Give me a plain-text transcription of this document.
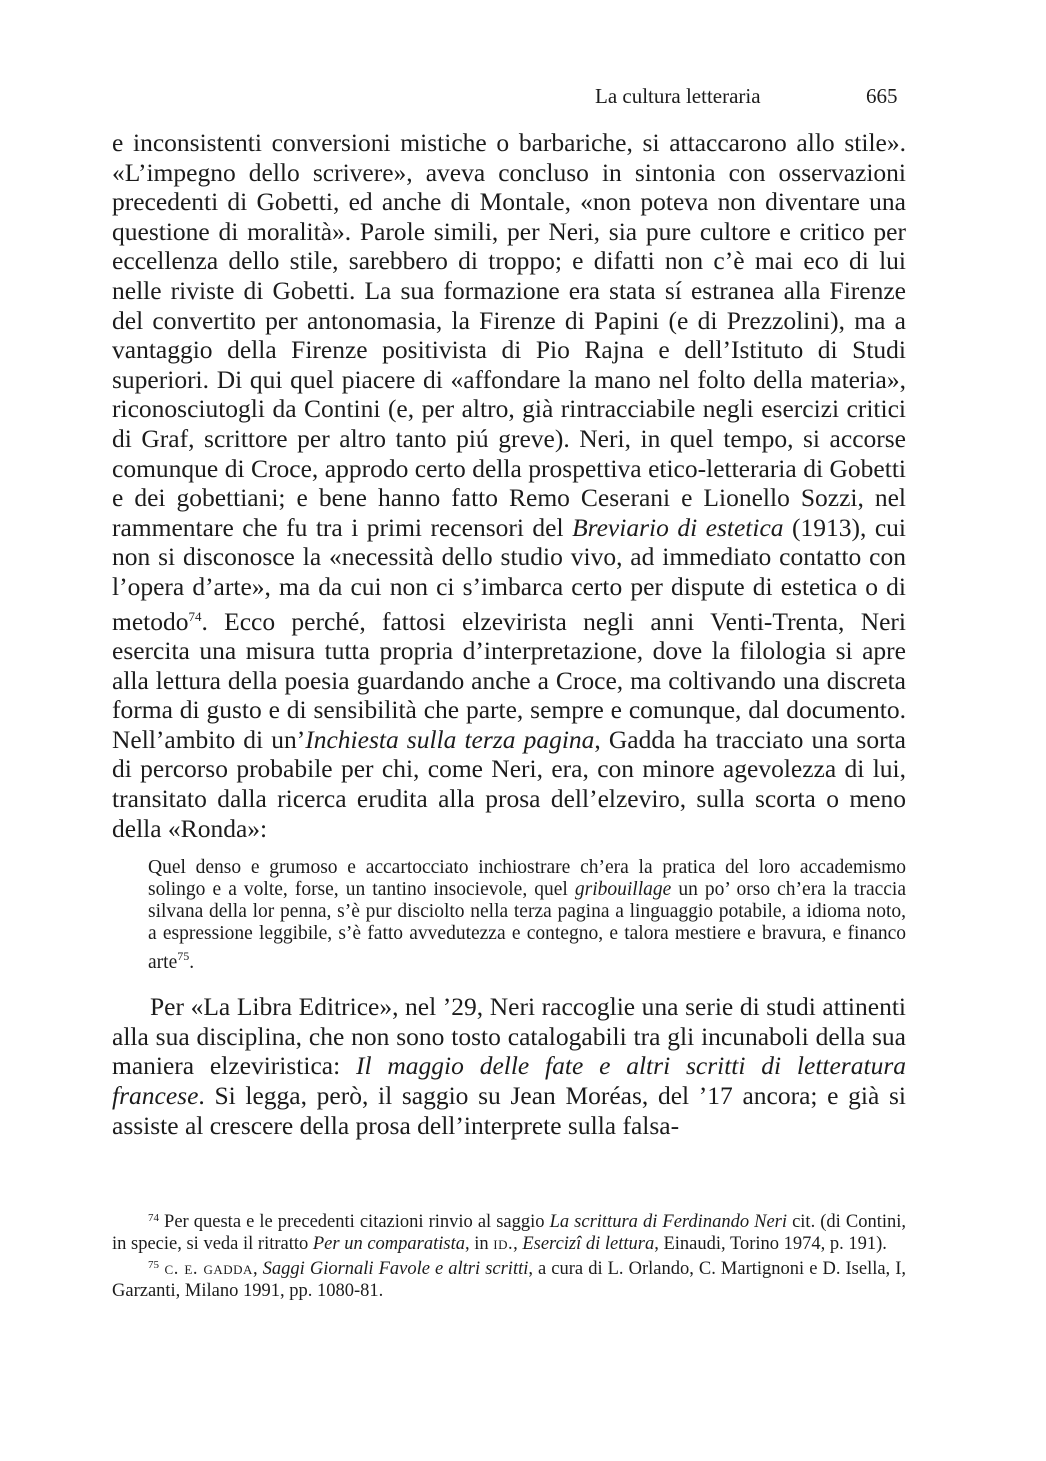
La cultura letteraria	665

e inconsistenti conversioni mistiche o barbariche, si attaccarono allo stile». «L’impegno dello scrivere», aveva concluso in sintonia con osservazioni precedenti di Gobetti, ed anche di Montale, «non poteva non diventare una questione di moralità». Parole simili, per Neri, sia pure cultore e critico per eccellenza dello stile, sarebbero di troppo; e difatti non c’è mai eco di lui nelle riviste di Gobetti. La sua formazione era stata sí estranea alla Firenze del convertito per antonomasia, la Firenze di Papini (e di Prezzolini), ma a vantaggio della Firenze positivista di Pio Rajna e dell’Istituto di Studi superiori. Di qui quel piacere di «affondare la mano nel folto della materia», riconosciutogli da Contini (e, per altro, già rintracciabile negli esercizi critici di Graf, scrittore per altro tanto piú greve). Neri, in quel tempo, si accorse comunque di Croce, approdo certo della prospettiva etico-letteraria di Gobetti e dei gobettiani; e bene hanno fatto Remo Ceserani e Lionello Sozzi, nel rammentare che fu tra i primi recensori del Breviario di estetica (1913), cui non si disconosce la «necessità dello studio vivo, ad immediato contatto con l’opera d’arte», ma da cui non ci s’imbarca certo per dispute di estetica o di metodo$^{74}$. Ecco perché, fattosi elzevirista negli anni Venti-Trenta, Neri esercita una misura tutta propria d’interpretazione, dove la filologia si apre alla lettura della poesia guardando anche a Croce, ma coltivando una discreta forma di gusto e di sensibilità che parte, sempre e comunque, dal documento. Nell’ambito di un’Inchiesta sulla terza pagina, Gadda ha tracciato una sorta di percorso probabile per chi, come Neri, era, con minore agevolezza di lui, transitato dalla ricerca erudita alla prosa dell’elzeviro, sulla scorta o meno della «Ronda»:

Quel denso e grumoso e accartocciato inchiostrare ch’era la pratica del loro accademismo solingo e a volte, forse, un tantino insocievole, quel gribouillage un po’ orso ch’era la traccia silvana della lor penna, s’è pur disciolto nella terza pagina a linguaggio potabile, a idioma noto, a espressione leggibile, s’è fatto avvedutezza e contegno, e talora mestiere e bravura, e financo arte$^{75}$.

Per «La Libra Editrice», nel ’29, Neri raccoglie una serie di studi attinenti alla sua disciplina, che non sono tosto catalogabili tra gli incunaboli della sua maniera elzeviristica: Il maggio delle fate e altri scritti di letteratura francese. Si legga, però, il saggio su Jean Moréas, del ’17 ancora; e già si assiste al crescere della prosa dell’interprete sulla falsa-

$^{74}$ Per questa e le precedenti citazioni rinvio al saggio La scrittura di Ferdinando Neri cit. (di Contini, in specie, si veda il ritratto Per un comparatista, in id., Esercizî di lettura, Einaudi, Torino 1974, p. 191).

$^{75}$ c. e. gadda, Saggi Giornali Favole e altri scritti, a cura di L. Orlando, C. Martignoni e D. Isella, I, Garzanti, Milano 1991, pp. 1080-81.
